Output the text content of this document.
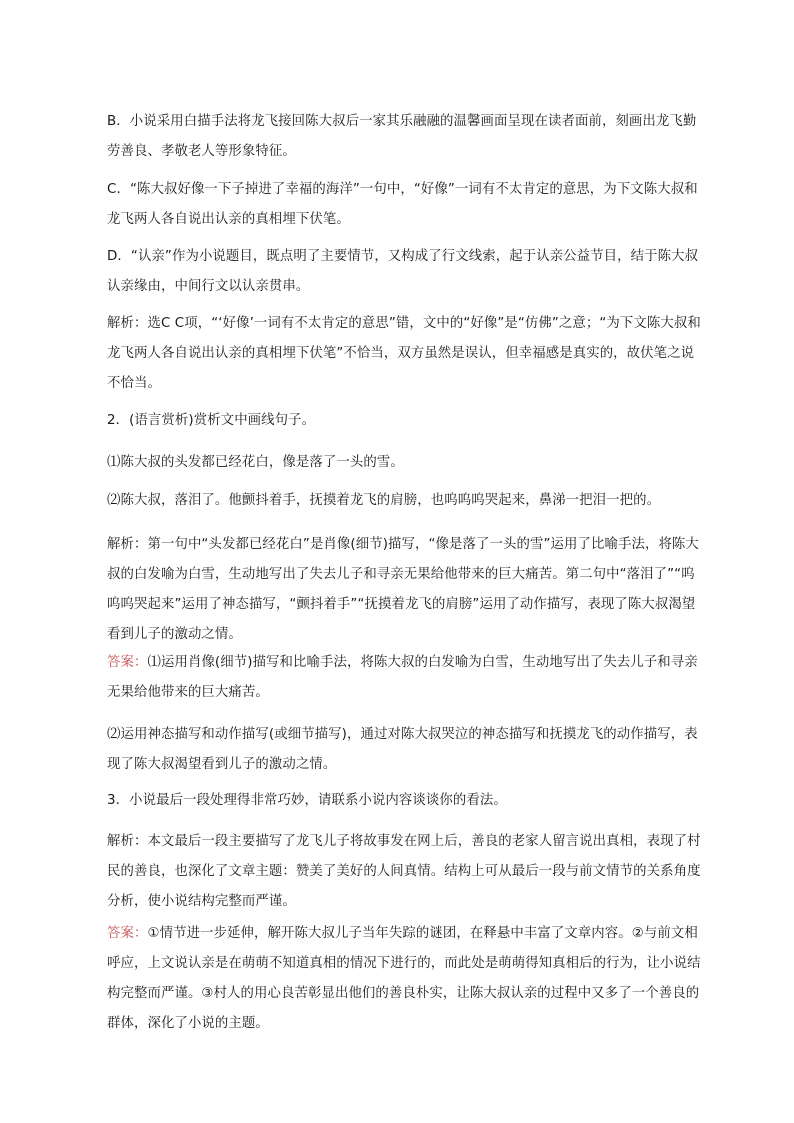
B．小说采用白描手法将龙飞接回陈大叔后一家其乐融融的温馨画面呈现在读者面前，刻画出龙飞勤劳善良、孝敬老人等形象特征。

C．“陈大叔好像一下子掉进了幸福的海洋”一句中，“好像”一词有不太肯定的意思，为下文陈大叔和龙飞两人各自说出认亲的真相埋下伏笔。

D．“认亲”作为小说题目，既点明了主要情节，又构成了行文线索，起于认亲公益节目，结于陈大叔认亲缘由，中间行文以认亲贯串。

解析：选C C项，“‘好像’一词有不太肯定的意思”错，文中的“好像”是“仿佛”之意；“为下文陈大叔和龙飞两人各自说出认亲的真相埋下伏笔”不恰当，双方虽然是误认，但幸福感是真实的，故伏笔之说不恰当。

2．(语言赏析)赏析文中画线句子。

⑴陈大叔的头发都已经花白，像是落了一头的雪。

⑵陈大叔，落泪了。他颤抖着手，抚摸着龙飞的肩膀，也呜呜呜哭起来，鼻涕一把泪一把的。

解析：第一句中“头发都已经花白”是肖像(细节)描写，“像是落了一头的雪”运用了比喻手法，将陈大叔的白发喻为白雪，生动地写出了失去儿子和寻亲无果给他带来的巨大痛苦。第二句中“落泪了”“呜呜呜哭起来”运用了神态描写，“颤抖着手”“抚摸着龙飞的肩膀”运用了动作描写，表现了陈大叔渴望看到儿子的激动之情。

答案：⑴运用肖像(细节)描写和比喻手法，将陈大叔的白发喻为白雪，生动地写出了失去儿子和寻亲无果给他带来的巨大痛苦。

⑵运用神态描写和动作描写(或细节描写)，通过对陈大叔哭泣的神态描写和抚摸龙飞的动作描写，表现了陈大叔渴望看到儿子的激动之情。

3．小说最后一段处理得非常巧妙，请联系小说内容谈谈你的看法。

解析：本文最后一段主要描写了龙飞儿子将故事发在网上后，善良的老家人留言说出真相，表现了村民的善良，也深化了文章主题：赞美了美好的人间真情。结构上可从最后一段与前文情节的关系角度分析，使小说结构完整而严谨。

答案：①情节进一步延伸，解开陈大叔儿子当年失踪的谜团，在释悬中丰富了文章内容。②与前文相呼应，上文说认亲是在萌萌不知道真相的情况下进行的，而此处是萌萌得知真相后的行为，让小说结构完整而严谨。③村人的用心良苦彰显出他们的善良朴实，让陈大叔认亲的过程中又多了一个善良的群体，深化了小说的主题。
